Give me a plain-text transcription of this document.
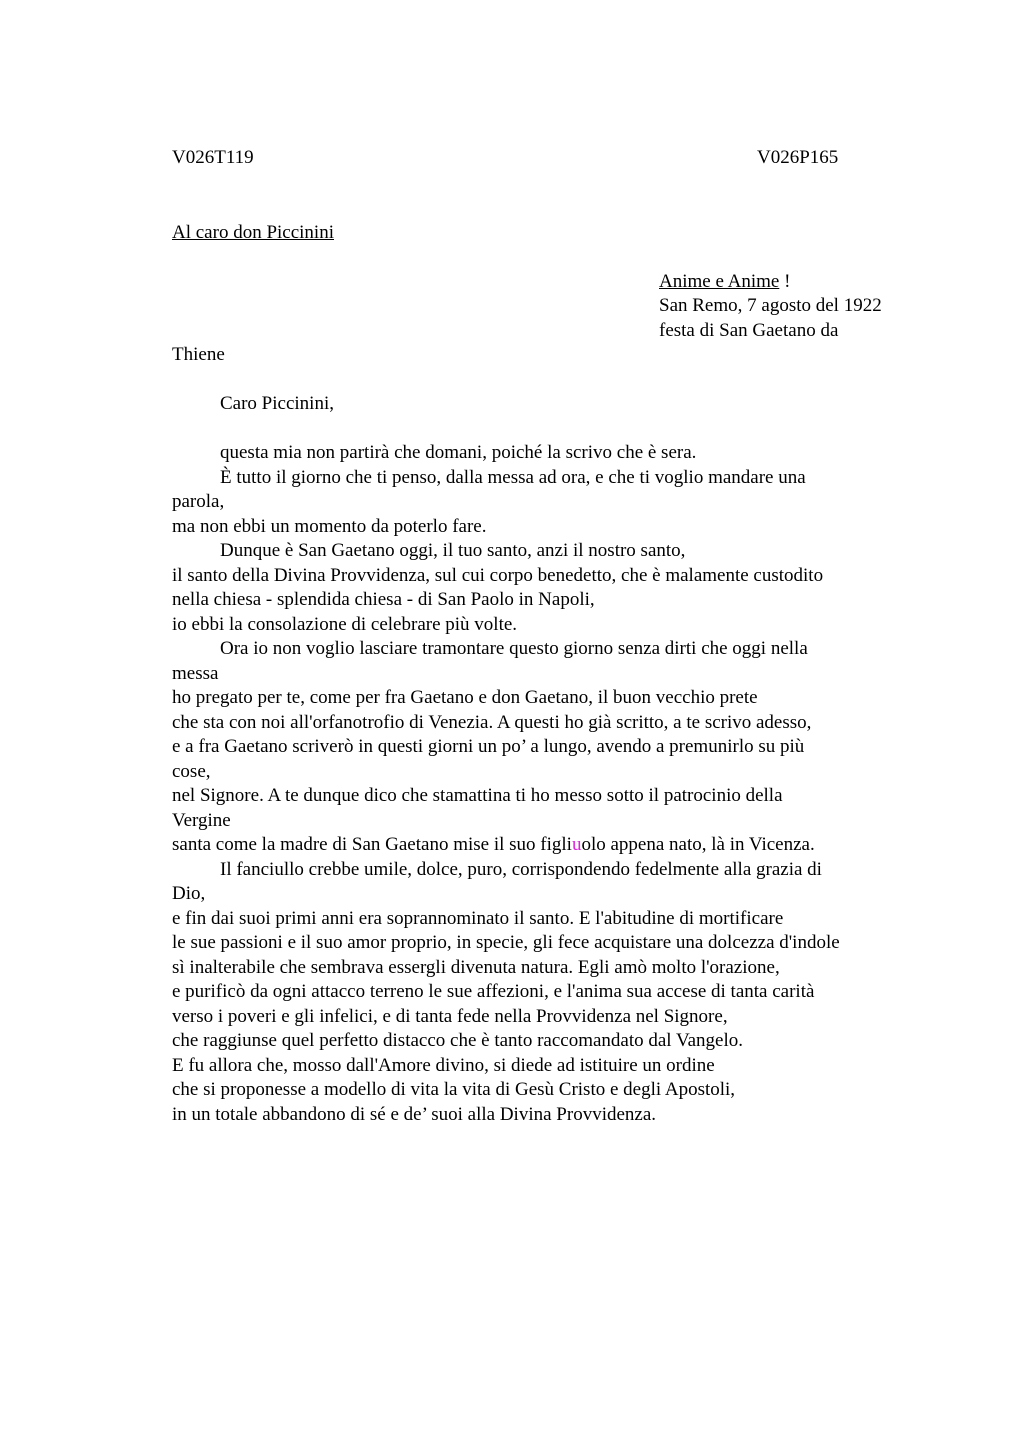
V026T119	V026P165
Al caro don Piccinini
Anime e Anime !
San Remo, 7 agosto del 1922
festa di San Gaetano da
Thiene
Caro Piccinini,
questa mia non partirà che domani, poiché la scrivo che è sera.
È tutto il giorno che ti penso, dalla messa ad ora, e che ti voglio mandare una
parola,
ma non ebbi un momento da poterlo fare.
Dunque è San Gaetano oggi, il tuo santo, anzi il nostro santo,
il santo della Divina Provvidenza, sul cui corpo benedetto, che è malamente custodito
nella chiesa - splendida chiesa - di San Paolo in Napoli,
io ebbi la consolazione di celebrare più volte.
Ora io non voglio lasciare tramontare questo giorno senza dirti che oggi nella
messa
ho pregato per te, come per fra Gaetano e don Gaetano, il buon vecchio prete
che sta con noi all'orfanotrofio di Venezia. A questi ho già scritto, a te scrivo adesso,
e a fra Gaetano scriverò in questi giorni un po’ a lungo, avendo a premunirlo su più
cose,
nel Signore. A te dunque dico che stamattina ti ho messo sotto il patrocinio della
Vergine
santa come la madre di San Gaetano mise il suo figliuolo appena nato, là in Vicenza.
Il fanciullo crebbe umile, dolce, puro, corrispondendo fedelmente alla grazia di
Dio,
e fin dai suoi primi anni era soprannominato il santo. E l'abitudine di mortificare
le sue passioni e il suo amor proprio, in specie, gli fece acquistare una dolcezza d'indole
sì inalterabile che sembrava essergli divenuta natura. Egli amò molto l'orazione,
e purificò da ogni attacco terreno le sue affezioni, e l'anima sua accese di tanta carità
verso i poveri e gli infelici, e di tanta fede nella Provvidenza nel Signore,
che raggiunse quel perfetto distacco che è tanto raccomandato dal Vangelo.
E fu allora che, mosso dall'Amore divino, si diede ad istituire un ordine
che si proponesse a modello di vita la vita di Gesù Cristo e degli Apostoli,
in un totale abbandono di sé e de’ suoi alla Divina Provvidenza.
